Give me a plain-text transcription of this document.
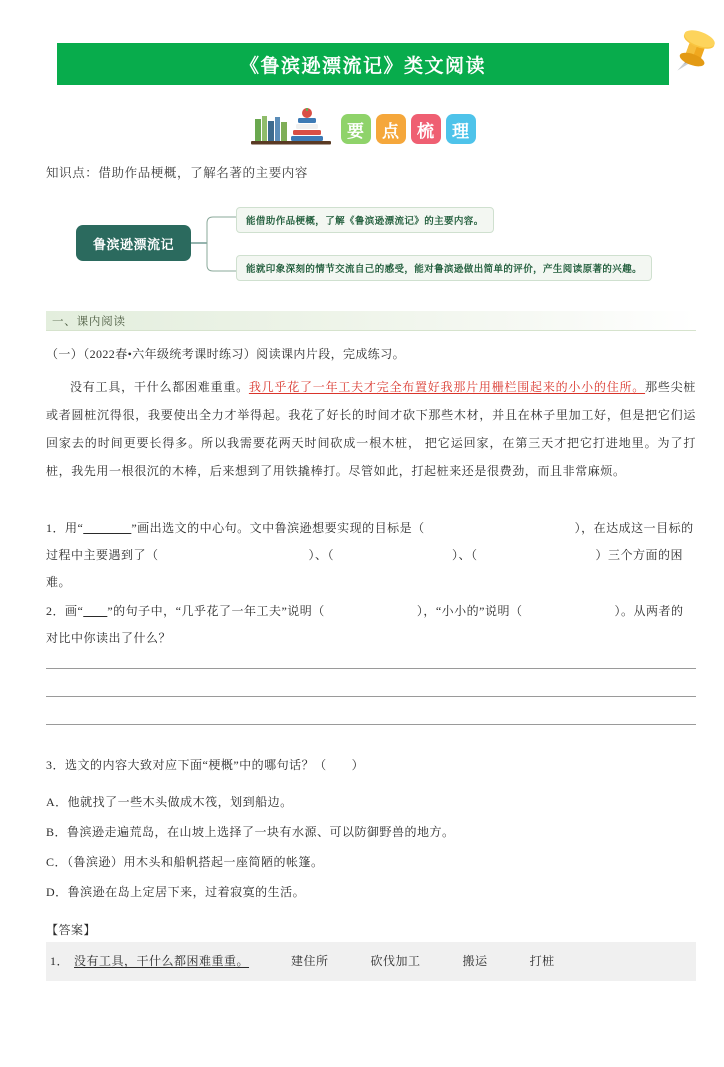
《鲁滨逊漂流记》类文阅读
要	点	梳	理
知识点：借助作品梗概，了解名著的主要内容
鲁滨逊漂流记
能借助作品梗概，了解《鲁滨逊漂流记》的主要内容。
能就印象深刻的情节交流自己的感受，能对鲁滨逊做出简单的评价，产生阅读原著的兴趣。
一、课内阅读
（一）（2022春•六年级统考课时练习）阅读课内片段，完成练习。

没有工具，干什么都困难重重。我几乎花了一年工夫才完全布置好我那片用栅栏围起来的小小的住所。那些尖桩或者圆桩沉得很，我要使出全力才举得起。我花了好长的时间才砍下那些木材，并且在林子里加工好，但是把它们运回家去的时间更要长得多。所以我需要花两天时间砍成一根木桩， 把它运回家，在第三天才把它打进地里。为了打桩，我先用一根很沉的木棒，后来想到了用铁撬棒打。尽管如此，打起桩来还是很费劲，而且非常麻烦。

1．用“______”画出选文的中心句。文中鲁滨逊想要实现的目标是（	），在达成这一目标的
过程中主要遇到了（	）、（	）、（	）三个方面的困难。
2．画“___”的句子中，“几乎花了一年工夫”说明（	），“小小的”说明（	）。从两者的
对比中你读出了什么？
3．选文的内容大致对应下面“梗概”中的哪句话？（　　）
A．他就找了一些木头做成木筏，划到船边。
B．鲁滨逊走遍荒岛，在山坡上选择了一块有水源、可以防御野兽的地方。
C．（鲁滨逊）用木头和船帆搭起一座简陋的帐篷。
D．鲁滨逊在岛上定居下来，过着寂寞的生活。
【答案】
1． 没有工具，干什么都困难重重。	建住所	砍伐加工	搬运	打桩
